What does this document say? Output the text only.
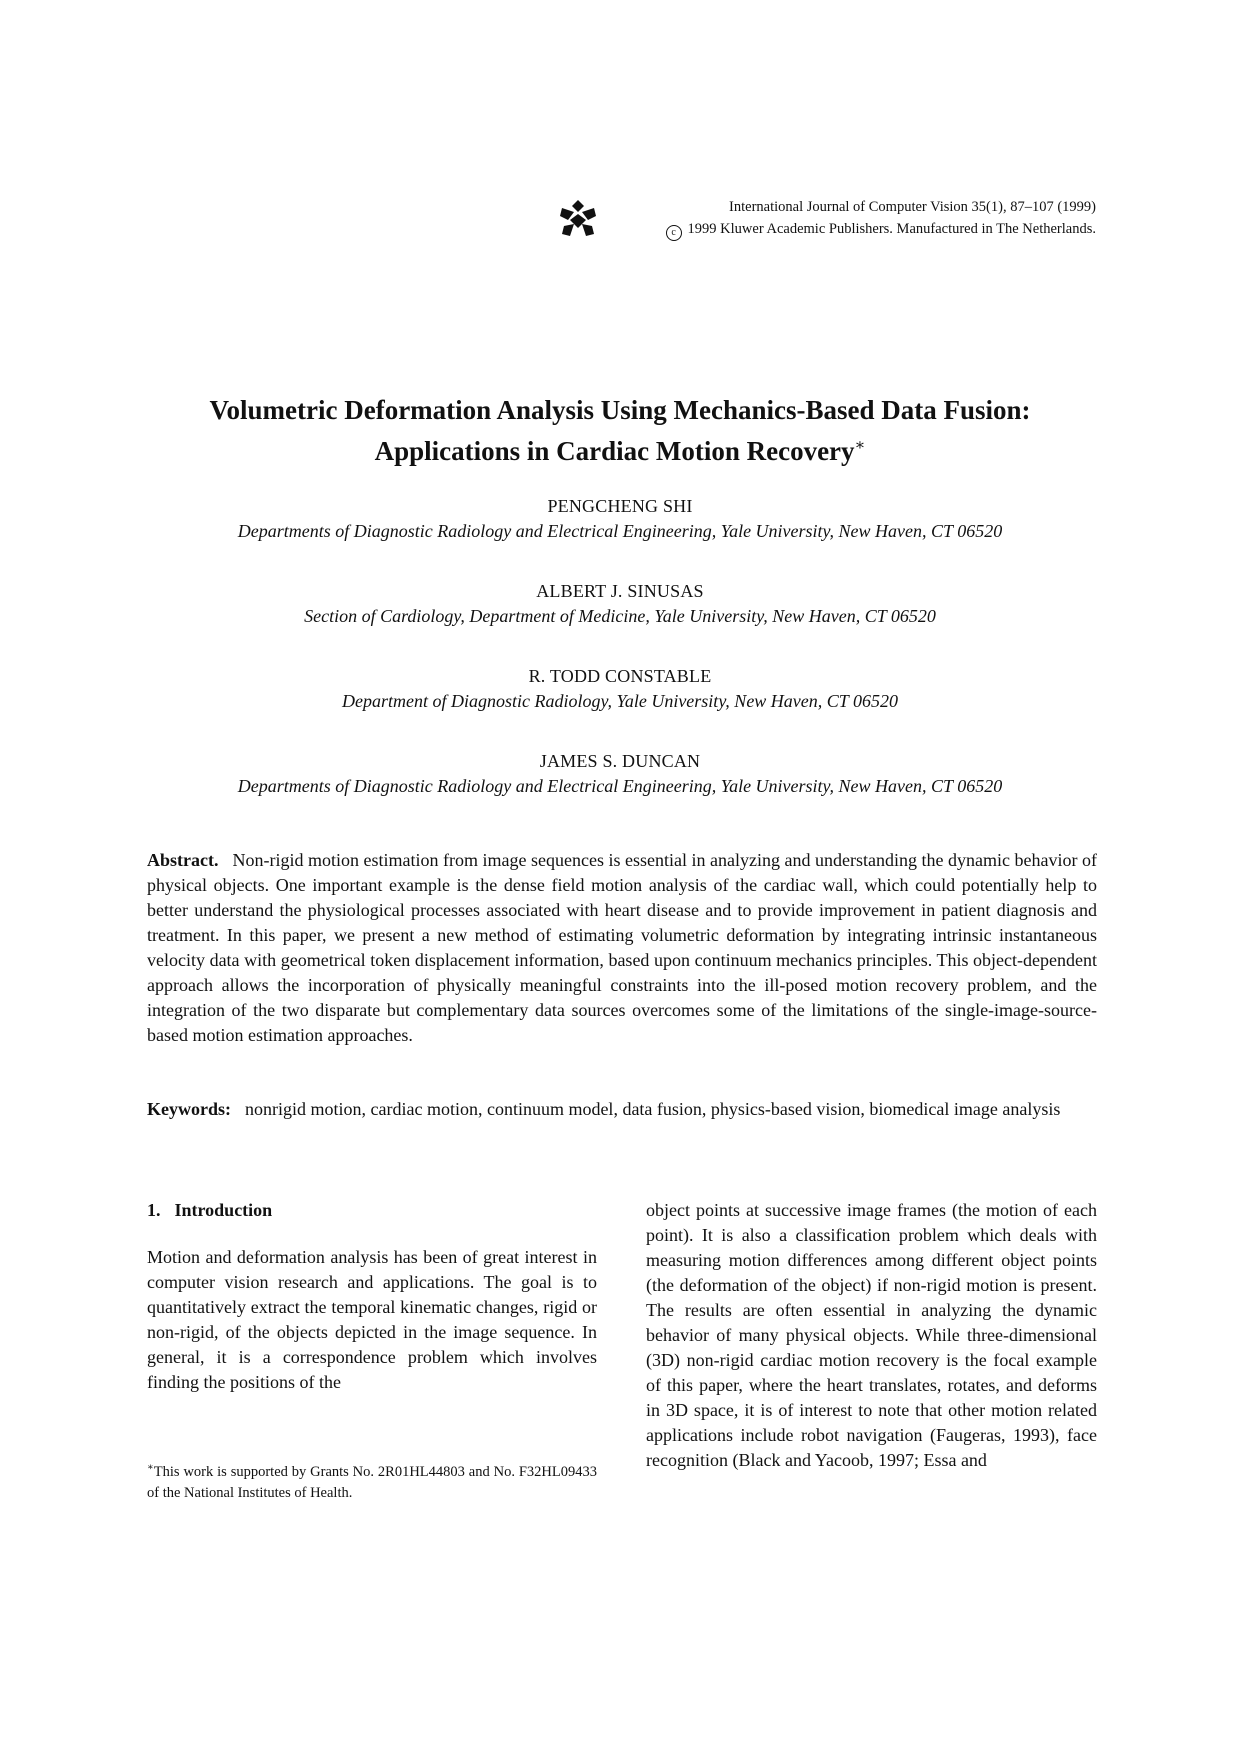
International Journal of Computer Vision 35(1), 87–107 (1999)
c 1999 Kluwer Academic Publishers. Manufactured in The Netherlands.
Volumetric Deformation Analysis Using Mechanics-Based Data Fusion:
Applications in Cardiac Motion Recovery∗
PENGCHENG SHI
Departments of Diagnostic Radiology and Electrical Engineering, Yale University, New Haven, CT 06520
ALBERT J. SINUSAS
Section of Cardiology, Department of Medicine, Yale University, New Haven, CT 06520
R. TODD CONSTABLE
Department of Diagnostic Radiology, Yale University, New Haven, CT 06520
JAMES S. DUNCAN
Departments of Diagnostic Radiology and Electrical Engineering, Yale University, New Haven, CT 06520
Abstract. Non-rigid motion estimation from image sequences is essential in analyzing and understanding the dynamic behavior of physical objects. One important example is the dense field motion analysis of the cardiac wall, which could potentially help to better understand the physiological processes associated with heart disease and to provide improvement in patient diagnosis and treatment. In this paper, we present a new method of estimating volumetric deformation by integrating intrinsic instantaneous velocity data with geometrical token displacement information, based upon continuum mechanics principles. This object-dependent approach allows the incorporation of physically meaningful constraints into the ill-posed motion recovery problem, and the integration of the two disparate but complementary data sources overcomes some of the limitations of the single-image-source-based motion estimation approaches.
Keywords: nonrigid motion, cardiac motion, continuum model, data fusion, physics-based vision, biomedical image analysis
1. Introduction

Motion and deformation analysis has been of great interest in computer vision research and applications. The goal is to quantitatively extract the temporal kinematic changes, rigid or non-rigid, of the objects depicted in the image sequence. In general, it is a correspondence problem which involves finding the positions of the

object points at successive image frames (the motion of each point). It is also a classification problem which deals with measuring motion differences among different object points (the deformation of the object) if non-rigid motion is present. The results are often essential in analyzing the dynamic behavior of many physical objects. While three-dimensional (3D) non-rigid cardiac motion recovery is the focal example of this paper, where the heart translates, rotates, and deforms in 3D space, it is of interest to note that other motion related applications include robot navigation (Faugeras, 1993), face recognition (Black and Yacoob, 1997; Essa and

∗This work is supported by Grants No. 2R01HL44803 and No. F32HL09433 of the National Institutes of Health.
